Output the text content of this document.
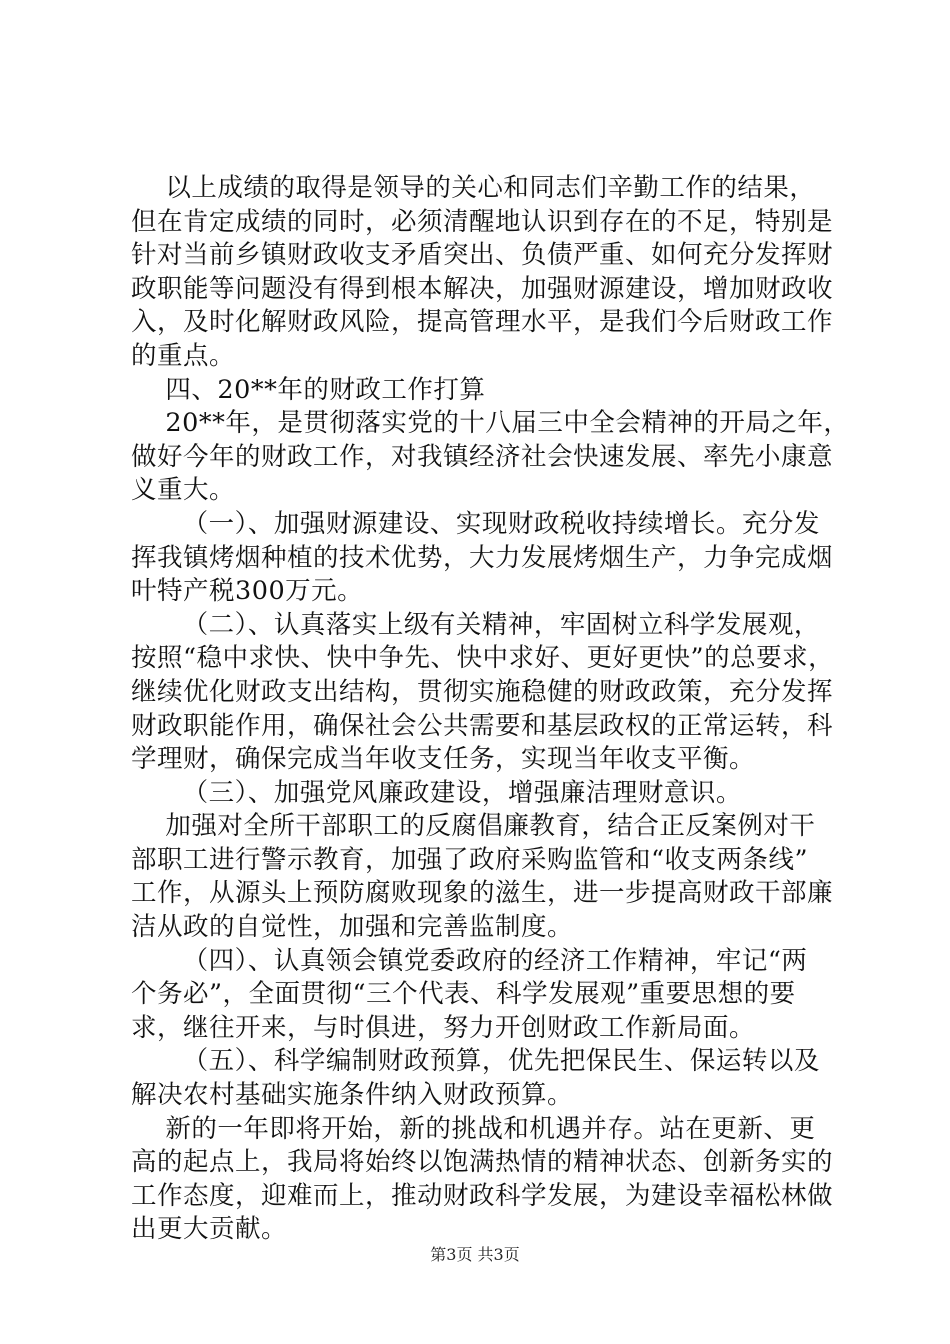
以上成绩的取得是领导的关心和同志们辛勤工作的结果，
但在肯定成绩的同时，必须清醒地认识到存在的不足，特别是
针对当前乡镇财政收支矛盾突出、负债严重、如何充分发挥财
政职能等问题没有得到根本解决，加强财源建设，增加财政收
入，及时化解财政风险，提高管理水平，是我们今后财政工作
的重点。
四、20**年的财政工作打算
20**年，是贯彻落实党的十八届三中全会精神的开局之年，
做好今年的财政工作，对我镇经济社会快速发展、率先小康意
义重大。
（一）、加强财源建设、实现财政税收持续增长。充分发
挥我镇烤烟种植的技术优势，大力发展烤烟生产，力争完成烟
叶特产税300万元。
（二）、认真落实上级有关精神，牢固树立科学发展观，
按照“稳中求快、快中争先、快中求好、更好更快”的总要求，
继续优化财政支出结构，贯彻实施稳健的财政政策，充分发挥
财政职能作用，确保社会公共需要和基层政权的正常运转，科
学理财，确保完成当年收支任务，实现当年收支平衡。
（三）、加强党风廉政建设，增强廉洁理财意识。
加强对全所干部职工的反腐倡廉教育，结合正反案例对干
部职工进行警示教育，加强了政府采购监管和“收支两条线”
工作，从源头上预防腐败现象的滋生，进一步提高财政干部廉
洁从政的自觉性，加强和完善监制度。
（四）、认真领会镇党委政府的经济工作精神，牢记“两
个务必”，全面贯彻“三个代表、科学发展观”重要思想的要
求，继往开来，与时俱进，努力开创财政工作新局面。
（五）、科学编制财政预算，优先把保民生、保运转以及
解决农村基础实施条件纳入财政预算。
新的一年即将开始，新的挑战和机遇并存。站在更新、更
高的起点上，我局将始终以饱满热情的精神状态、创新务实的
工作态度，迎难而上，推动财政科学发展，为建设幸福松林做
出更大贡献。
第3页 共3页
